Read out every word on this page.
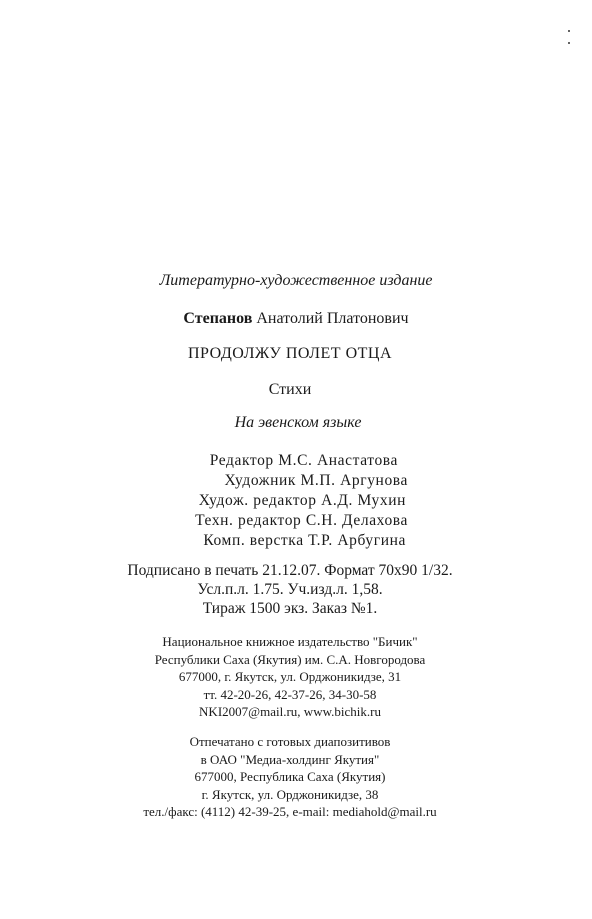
Литературно-художественное издание
Степанов Анатолий Платонович
ПРОДОЛЖУ ПОЛЕТ ОТЦА
Стихи
На эвенском языке
Редактор М.С. Анастатова
Художник М.П. Аргунова
Худож. редактор А.Д. Мухин
Техн. редактор С.Н. Делахова
Комп. верстка Т.Р. Арбугина
Подписано в печать 21.12.07. Формат 70x90 1/32.
Усл.п.л. 1.75. Уч.изд.л. 1,58.
Тираж 1500 экз. Заказ №1.
Национальное книжное издательство "Бичик"
Республики Саха (Якутия) им. С.А. Новгородова
677000, г. Якутск, ул. Орджоникидзе, 31
тт. 42-20-26, 42-37-26, 34-30-58
NKI2007@mail.ru, www.bichik.ru
Отпечатано с готовых диапозитивов
в ОАО "Медиа-холдинг Якутия"
677000, Республика Саха (Якутия)
г. Якутск, ул. Орджоникидзе, 38
тел./факс: (4112) 42-39-25, e-mail: mediahold@mail.ru
